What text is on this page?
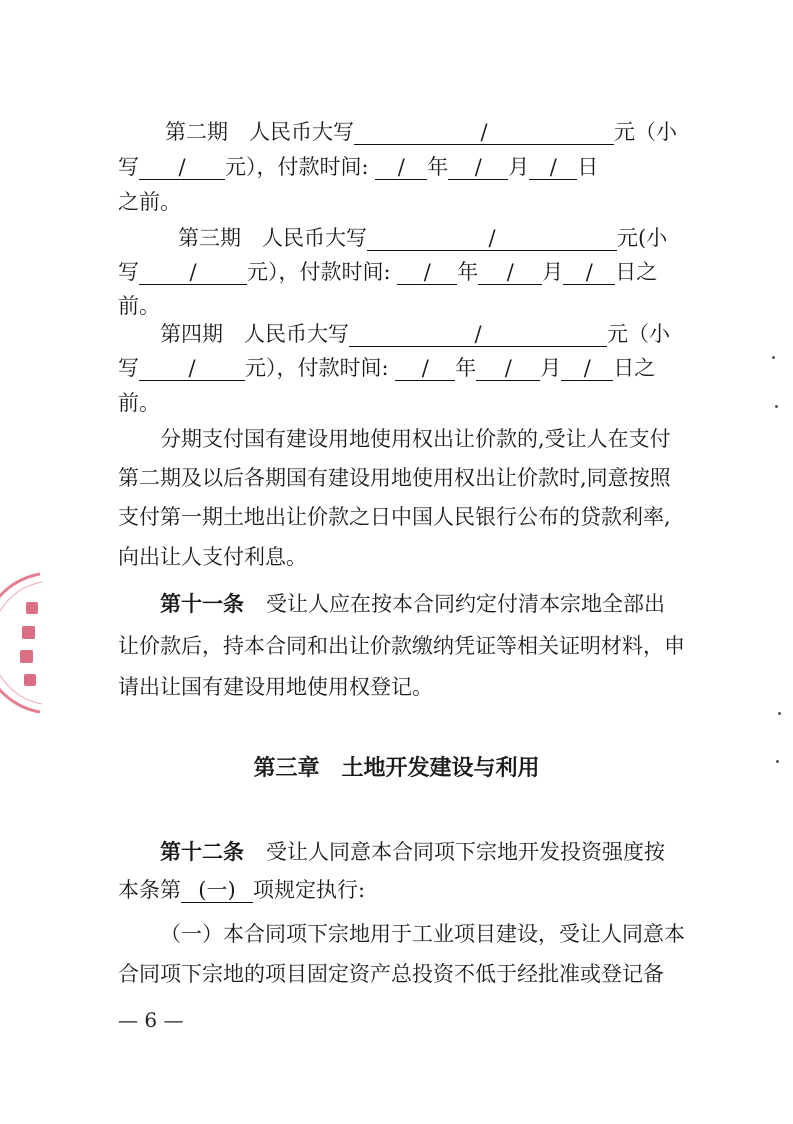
第二期　人民币大写	/	元（小
写 / 元），付款时间: / 年 / 月 / 日
之前。
第三期　人民币大写	/	元(小
写 / 元），付款时间: / 年 / 月 / 日之
前。
第四期　人民币大写	/	元（小
写 / 元），付款时间: / 年 / 月 / 日之
前。
分期支付国有建设用地使用权出让价款的,受让人在支付
第二期及以后各期国有建设用地使用权出让价款时,同意按照
支付第一期土地出让价款之日中国人民银行公布的贷款利率,
向出让人支付利息。
第十一条 受让人应在按本合同约定付清本宗地全部出
让价款后，持本合同和出让价款缴纳凭证等相关证明材料，申
请出让国有建设用地使用权登记。
第三章　土地开发建设与利用
第十二条 受让人同意本合同项下宗地开发投资强度按
本条第 (一) 项规定执行:
（一）本合同项下宗地用于工业项目建设，受让人同意本
合同项下宗地的项目固定资产总投资不低于经批准或登记备
— 6 —
